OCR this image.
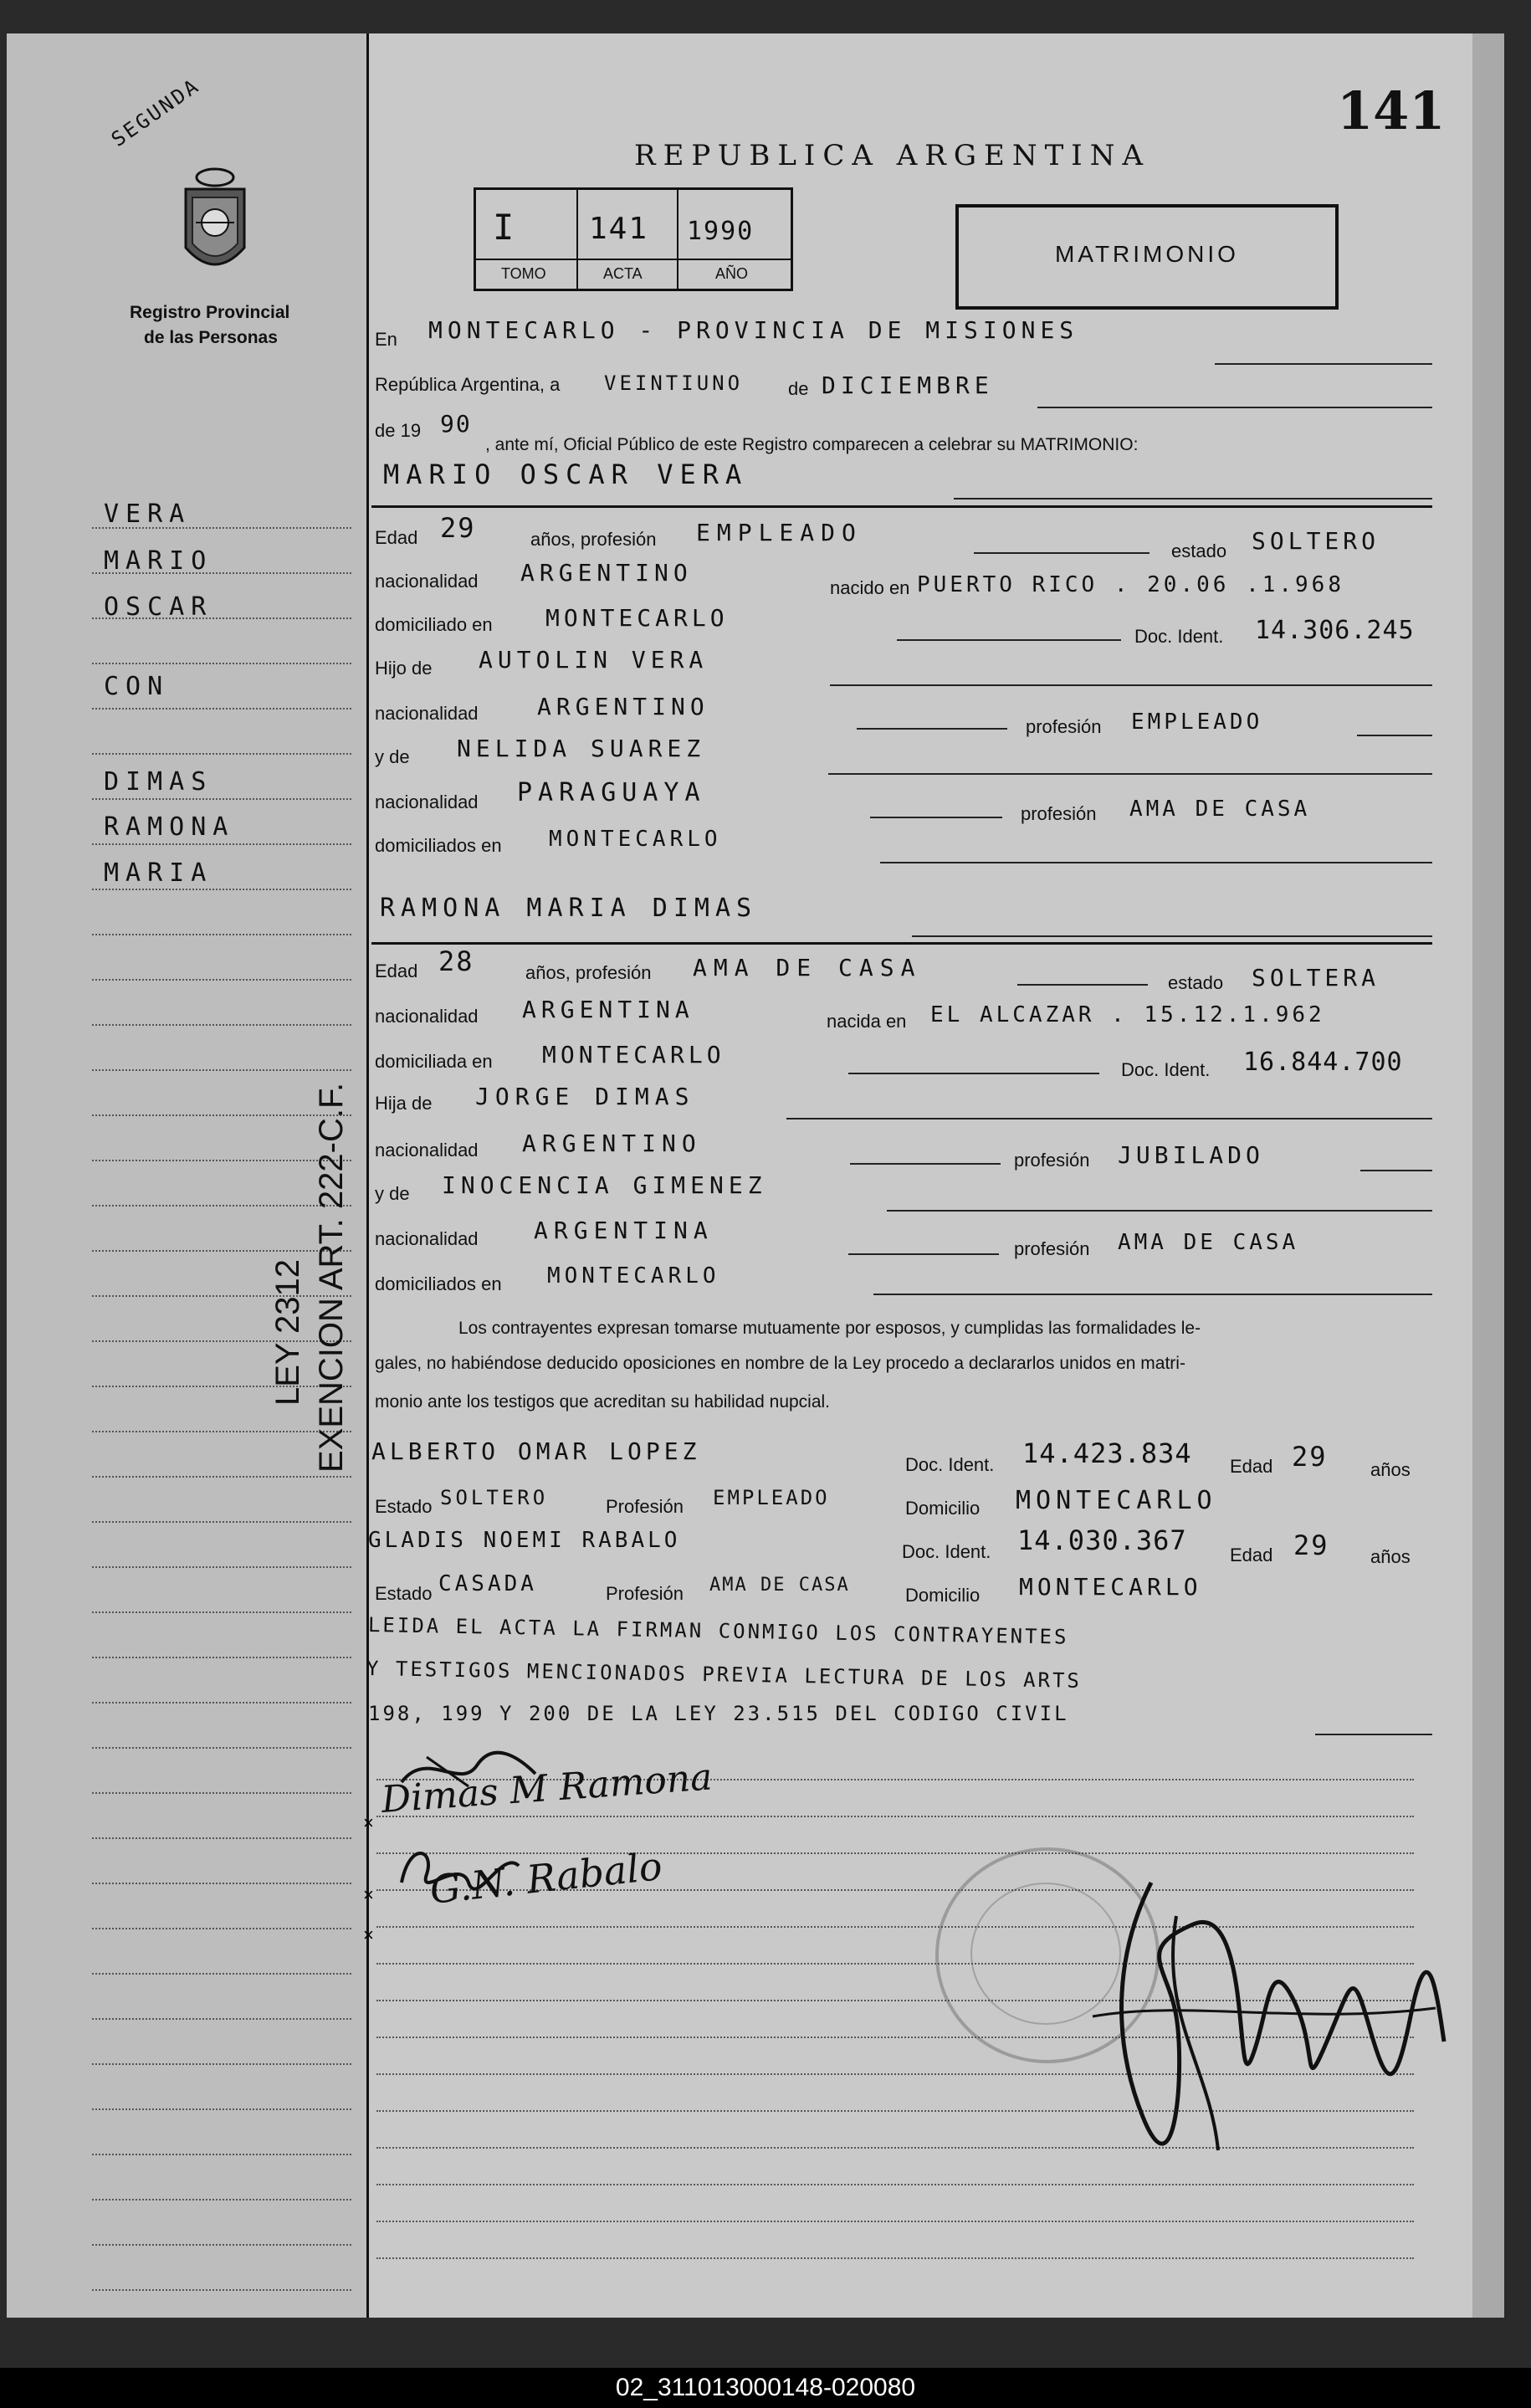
141
SEGUNDA
Registro Provincial
de las Personas
VERA
MARIO
OSCAR
CON
DIMAS
RAMONA
MARIA
LEY 2312 EXENCION ART. 222-C.F.
REPUBLICA ARGENTINA
I 141 1990
TOMO	ACTA	AÑO
MATRIMONIO
En MONTECARLO - PROVINCIA DE MISIONES
República Argentina, a VEINTIUNO de DICIEMBRE
de 19 90
, ante mí, Oficial Público de este Registro comparecen a celebrar su MATRIMONIO:
MARIO OSCAR VERA
Edad 29	años, profesión EMPLEADO
estado SOLTERO
nacionalidad ARGENTINO
nacido en PUERTO RICO . 20.06 .1.968
domiciliado en MONTECARLO
Doc. Ident. 14.306.245
Hijo de AUTOLIN VERA
nacionalidad	ARGENTINO
profesión EMPLEADO
y de NELIDA SUAREZ
nacionalidad PARAGUAYA
profesión AMA DE CASA
domiciliados en MONTECARLO
RAMONA MARIA DIMAS
Edad 28	años, profesión AMA DE CASA
estado SOLTERA
nacionalidad ARGENTINA	nacida en EL ALCAZAR . 15.12.1.962
domiciliada en MONTECARLO
Doc. Ident. 16.844.700
Hija de JORGE DIMAS
nacionalidad ARGENTINO
profesión JUBILADO
y de INOCENCIA GIMENEZ
nacionalidad ARGENTINA
profesión AMA DE CASA
domiciliados en MONTECARLO
Los contrayentes expresan tomarse mutuamente por esposos, y cumplidas las formalidades le-
gales, no habiéndose deducido oposiciones en nombre de la Ley procedo a declararlos unidos en matri-
monio ante los testigos que acreditan su habilidad nupcial.
ALBERTO OMAR LOPEZ	Doc. Ident. 14.423.834 Edad 29 años
Estado SOLTERO	Profesión EMPLEADO	Domicilio MONTECARLO
GLADIS NOEMI RABALO	Doc. Ident. 14.030.367 Edad 29 años
Estado CASADA	Profesión AMA DE CASA	Domicilio MONTECARLO
LEIDA EL ACTA LA FIRMAN CONMIGO LOS CONTRAYENTES
Y TESTIGOS MENCIONADOS PREVIA LECTURA DE LOS ARTS
198, 199 Y 200 DE LA LEY 23.515 DEL CODIGO CIVIL
×
Dimas M Ramona
× G.N. Rabalo
×
02_311013000148-020080
